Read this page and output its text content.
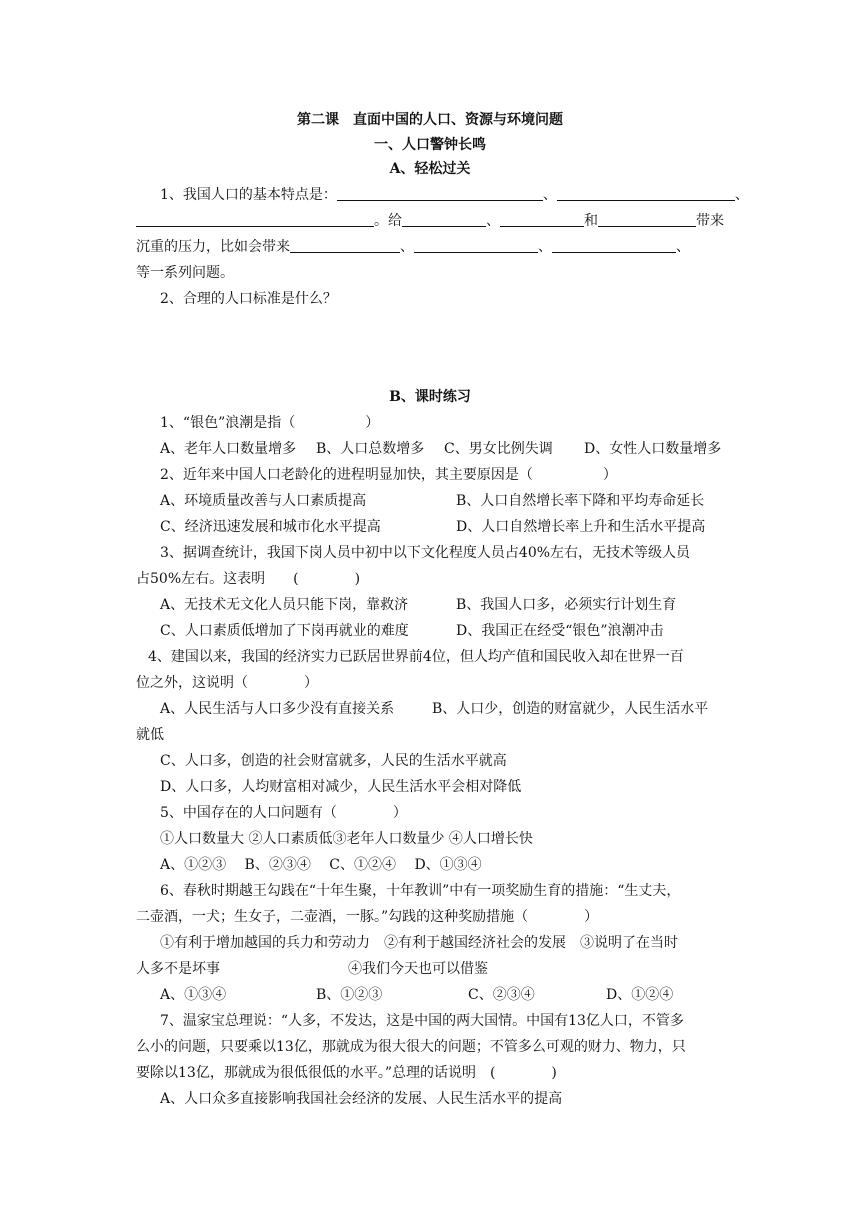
第二课　直面中国的人口、资源与环境问题
一、人口警钟长鸣
A、轻松过关
1、我国人口的基本特点是：	、	、
。给	、	和	带来
沉重的压力，比如会带来	、	、	、
等一系列问题。
2、合理的人口标准是什么？
B、课时练习
1、“银色”浪潮是指（　　　　　）
A、老年人口数量增多 B、人口总数增多 C、男女比例失调 D、女性人口数量增多
2、近年来中国人口老龄化的进程明显加快，其主要原因是（　　　　　）
A、环境质量改善与人口素质提高	B、人口自然增长率下降和平均寿命延长
C、经济迅速发展和城市化水平提高	D、人口自然增长率上升和生活水平提高
3、据调查统计，我国下岗人员中初中以下文化程度人员占40%左右，无技术等级人员
占50%左右。这表明　　(　　　　)
A、无技术无文化人员只能下岗，靠救济	B、我国人口多，必须实行计划生育
C、人口素质低增加了下岗再就业的难度	D、我国正在经受“银色”浪潮冲击
4、建国以来，我国的经济实力已跃居世界前4位，但人均产值和国民收入却在世界一百
位之外，这说明（　　　　）
A、人民生活与人口多少没有直接关系	B、人口少，创造的财富就少，人民生活水平
就低
C、人口多，创造的社会财富就多，人民的生活水平就高
D、人口多，人均财富相对减少，人民生活水平会相对降低
5、中国存在的人口问题有（　　　　）
①人口数量大 ②人口素质低③老年人口数量少 ④人口增长快
A、①②③　 B、②③④　 C、①②④　 D、①③④
6、春秋时期越王勾践在“十年生聚，十年教训”中有一项奖励生育的措施：“生丈夫，
二壶酒，一犬；生女子，二壶酒，一豚。”勾践的这种奖励措施（　　　　）
①有利于增加越国的兵力和劳动力　②有利于越国经济社会的发展　③说明了在当时
人多不是坏事	④我们今天也可以借鉴
A、①③④	B、①②③	C、②③④	D、①②④
7、温家宝总理说：“人多，不发达，这是中国的两大国情。中国有13亿人口，不管多
么小的问题，只要乘以13亿，那就成为很大很大的问题；不管多么可观的财力、物力，只
要除以13亿，那就成为很低很低的水平。”总理的话说明　(　　　　)
A、人口众多直接影响我国社会经济的发展、人民生活水平的提高
